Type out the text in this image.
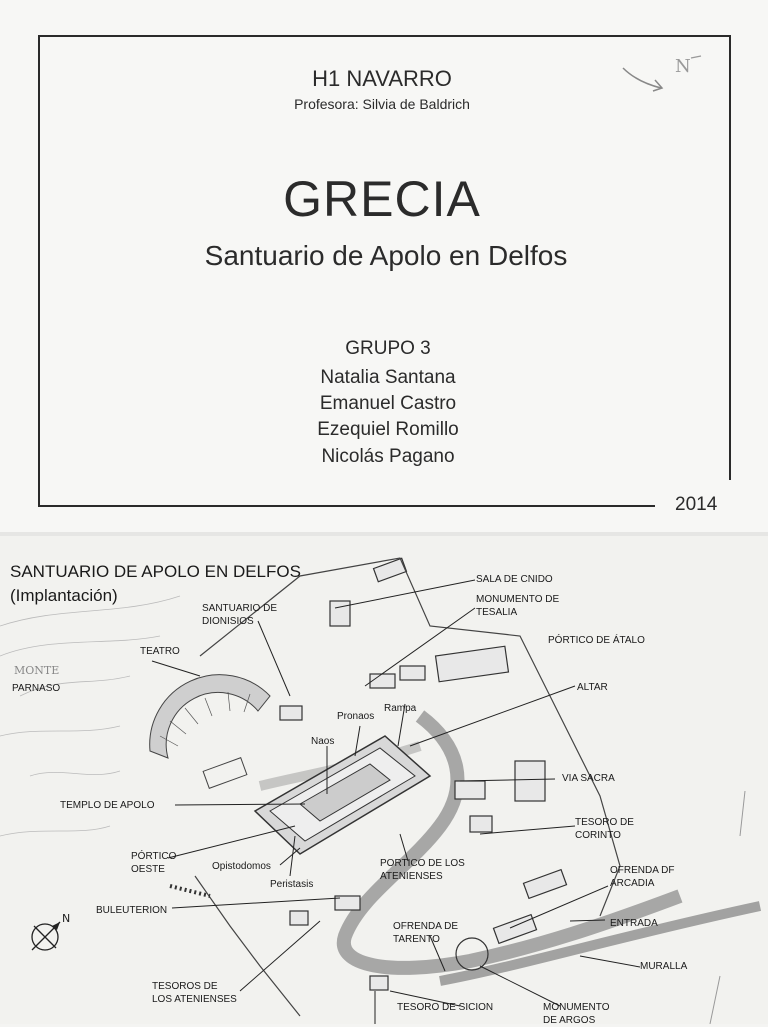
N
H1 NAVARRO
Profesora: Silvia de Baldrich
GRECIA
Santuario de Apolo en Delfos
GRUPO 3
Natalia Santana
Emanuel Castro
Ezequiel Romillo
Nicolás Pagano
2014
N
SANTUARIO DE APOLO EN DELFOS
(Implantación)
SALA DE CNIDO
MONUMENTO DE
TESALIA
SANTUARIO DE
DIONISIOS
PÓRTICO DE ÁTALO
TEATRO
MONTE
PARNASO	ALTAR
Rampa
Pronaos
Naos
VIA SACRA
TEMPLO DE APOLO
TESORO DE
CORINTO
PÓRTICO
OESTE	Opistodomos
Peristasis
PORTICO DE LOS
ATENIENSES
OFRENDA DF
ARCADIA
BULEUTERION
ENTRADA
OFRENDA DE
TARENTO
MURALLA
TESOROS DE
LOS ATENIENSES
TESORO DE SICION	MONUMENTO
DE ARGOS
